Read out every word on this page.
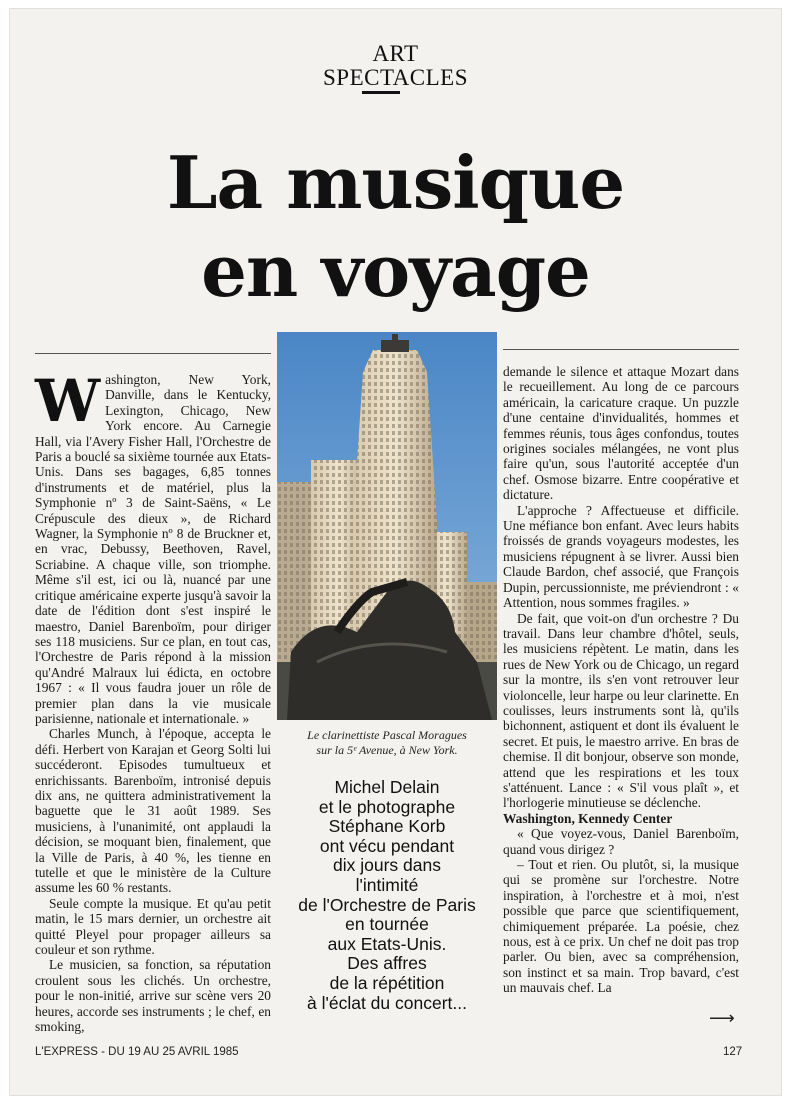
ART
SPECTACLES
La musique
en voyage

Washington, New York, Danville, dans le Kentucky, Lexington, Chicago, New York encore. Au Carnegie Hall, via l'Avery Fisher Hall, l'Orchestre de Paris a bouclé sa sixième tournée aux Etats-Unis. Dans ses bagages, 6,85 tonnes d'instruments et de matériel, plus la Symphonie nº 3 de Saint-Saëns, « Le Crépuscule des dieux », de Richard Wagner, la Symphonie nº 8 de Bruckner et, en vrac, Debussy, Beethoven, Ravel, Scriabine. A chaque ville, son triomphe. Même s'il est, ici ou là, nuancé par une critique américaine experte jusqu'à savoir la date de l'édition dont s'est inspiré le maestro, Daniel Barenboïm, pour diriger ses 118 musiciens. Sur ce plan, en tout cas, l'Orchestre de Paris répond à la mission qu'André Malraux lui édicta, en octobre 1967 : « Il vous faudra jouer un rôle de premier plan dans la vie musicale parisienne, nationale et internationale. »

Charles Munch, à l'époque, accepta le défi. Herbert von Karajan et Georg Solti lui succéderont. Episodes tumultueux et enrichissants. Barenboïm, intronisé depuis dix ans, ne quittera administrativement la baguette que le 31 août 1989. Ses musiciens, à l'unanimité, ont applaudi la décision, se moquant bien, finalement, que la Ville de Paris, à 40 %, les tienne en tutelle et que le ministère de la Culture assume les 60 % restants.

Seule compte la musique. Et qu'au petit matin, le 15 mars dernier, un orchestre ait quitté Pleyel pour propager ailleurs sa couleur et son rythme.

Le musicien, sa fonction, sa réputation croulent sous les clichés. Un orchestre, pour le non-initié, arrive sur scène vers 20 heures, accorde ses instruments ; le chef, en smoking,

Le clarinettiste Pascal Moragues
sur la 5ᵉ Avenue, à New York.
Michel Delain
et le photographe
Stéphane Korb
ont vécu pendant
dix jours dans
l'intimité
de l'Orchestre de Paris
en tournée
aux Etats-Unis.
Des affres
de la répétition
à l'éclat du concert...

demande le silence et attaque Mozart dans le recueillement. Au long de ce parcours américain, la caricature craque. Un puzzle d'une centaine d'invidualités, hommes et femmes réunis, tous âges confondus, toutes origines sociales mélangées, ne vont plus faire qu'un, sous l'autorité acceptée d'un chef. Osmose bizarre. Entre coopérative et dictature.

L'approche ? Affectueuse et difficile. Une méfiance bon enfant. Avec leurs habits froissés de grands voyageurs modestes, les musiciens répugnent à se livrer. Aussi bien Claude Bardon, chef associé, que François Dupin, percussionniste, me préviendront : « Attention, nous sommes fragiles. »

De fait, que voit-on d'un orchestre ? Du travail. Dans leur chambre d'hôtel, seuls, les musiciens répètent. Le matin, dans les rues de New York ou de Chicago, un regard sur la montre, ils s'en vont retrouver leur violoncelle, leur harpe ou leur clarinette. En coulisses, leurs instruments sont là, qu'ils bichonnent, astiquent et dont ils évaluent le secret. Et puis, le maestro arrive. En bras de chemise. Il dit bonjour, observe son monde, attend que les respirations et les toux s'atténuent. Lance : « S'il vous plaît », et l'horlogerie minutieuse se déclenche.

Washington, Kennedy Center

« Que voyez-vous, Daniel Barenboïm, quand vous dirigez ?

– Tout et rien. Ou plutôt, si, la musique qui se promène sur l'orchestre. Notre inspiration, à l'orchestre et à moi, n'est possible que parce que scientifiquement, chimiquement préparée. La poésie, chez nous, est à ce prix. Un chef ne doit pas trop parler. Ou bien, avec sa compréhension, son instinct et sa main. Trop bavard, c'est un mauvais chef. La

⟶
L'EXPRESS - DU 19 AU 25 AVRIL 1985	127
